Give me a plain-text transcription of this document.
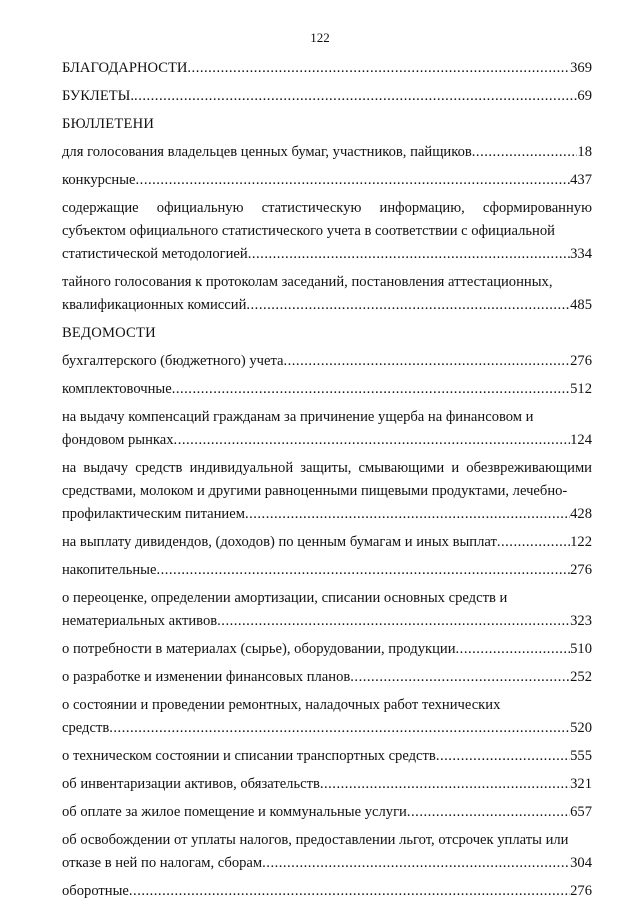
122
БЛАГОДАРНОСТИ .....	369
БУКЛЕТЫ. .....	69
БЮЛЛЕТЕНИ
для голосования владельцев ценных бумаг, участников, пайщиков .....	18
конкурсные .....	437
содержащие официальную статистическую информацию, сформированную субъектом официального статистического учета в соответствии с официальной
статистической методологией .....	334
тайного голосования к протоколам заседаний, постановления аттестационных,
квалификационных комиссий .....	485
ВЕДОМОСТИ
бухгалтерского (бюджетного) учета .....	276
комплектовочные .....	512
на выдачу компенсаций гражданам за причинение ущерба на финансовом и
фондовом рынках .....	124
на выдачу средств индивидуальной защиты, смывающими и обезвреживающими средствами, молоком и другими равноценными пищевыми продуктами, лечебно-
профилактическим питанием .....	428
на выплату дивидендов, (доходов) по ценным бумагам и иных выплат .....	122
накопительные .....	276
о переоценке, определении амортизации, списании основных средств и
нематериальных активов .....	323
о потребности в материалах (сырье), оборудовании, продукции .....	510
о разработке и изменении финансовых планов .....	252
о состоянии и проведении ремонтных, наладочных работ технических
средств .....	520
о техническом состоянии и списании транспортных средств .....	555
об инвентаризации активов, обязательств .....	321
об оплате за жилое помещение и коммунальные услуги .....	657
об освобождении от уплаты налогов, предоставлении льгот, отсрочек уплаты или
отказе в ней по налогам, сборам .....	304
оборотные .....	276
